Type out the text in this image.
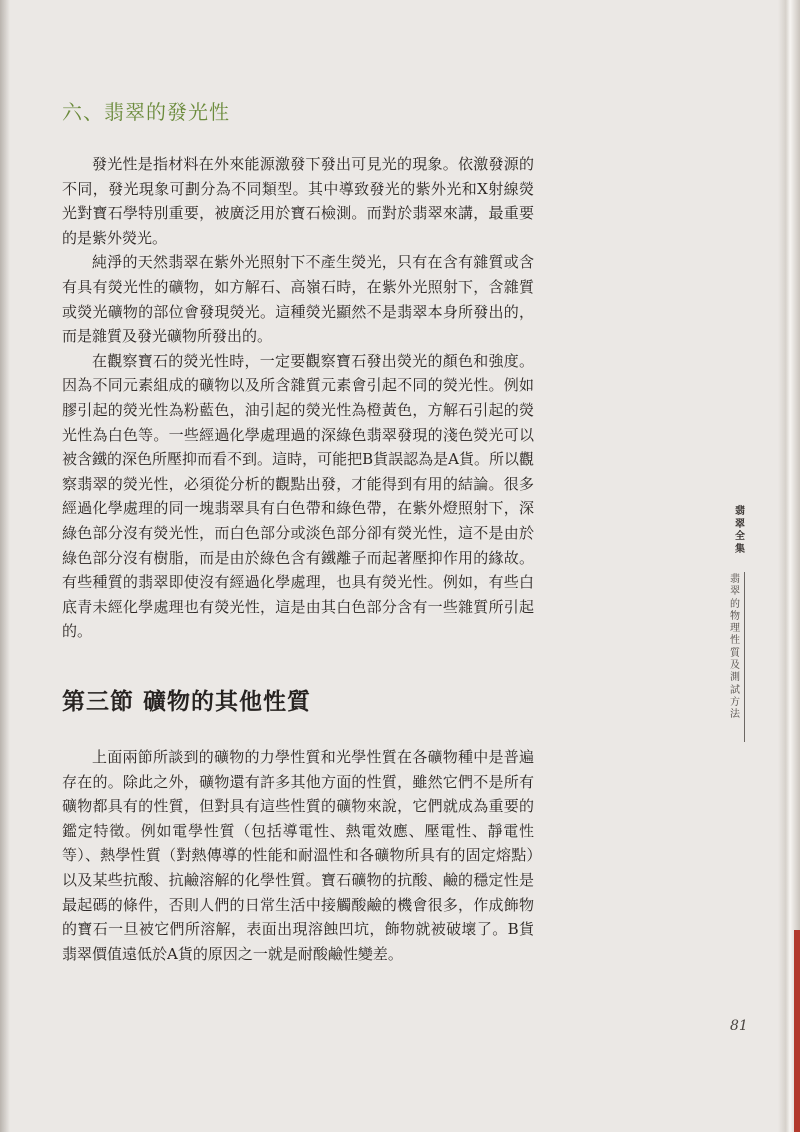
六、翡翠的發光性

發光性是指材料在外來能源激發下發出可見光的現象。依激發源的不同，發光現象可劃分為不同類型。其中導致發光的紫外光和X射線熒光對寶石學特別重要，被廣泛用於寶石檢測。而對於翡翠來講，最重要的是紫外熒光。

純淨的天然翡翠在紫外光照射下不產生熒光，只有在含有雜質或含有具有熒光性的礦物，如方解石、高嶺石時，在紫外光照射下，含雜質或熒光礦物的部位會發現熒光。這種熒光顯然不是翡翠本身所發出的，而是雜質及發光礦物所發出的。

在觀察寶石的熒光性時，一定要觀察寶石發出熒光的顏色和強度。因為不同元素組成的礦物以及所含雜質元素會引起不同的熒光性。例如膠引起的熒光性為粉藍色，油引起的熒光性為橙黃色，方解石引起的熒光性為白色等。一些經過化學處理過的深綠色翡翠發現的淺色熒光可以被含鐵的深色所壓抑而看不到。這時，可能把B貨誤認為是A貨。所以觀察翡翠的熒光性，必須從分析的觀點出發，才能得到有用的結論。很多經過化學處理的同一塊翡翠具有白色帶和綠色帶，在紫外燈照射下，深綠色部分沒有熒光性，而白色部分或淡色部分卻有熒光性，這不是由於綠色部分沒有樹脂，而是由於綠色含有鐵離子而起著壓抑作用的緣故。有些種質的翡翠即使沒有經過化學處理，也具有熒光性。例如，有些白底青未經化學處理也有熒光性，這是由其白色部分含有一些雜質所引起的。

第三節 礦物的其他性質

上面兩節所談到的礦物的力學性質和光學性質在各礦物種中是普遍存在的。除此之外，礦物還有許多其他方面的性質，雖然它們不是所有礦物都具有的性質，但對具有這些性質的礦物來說，它們就成為重要的鑑定特徵。例如電學性質（包括導電性、熱電效應、壓電性、靜電性等）、熱學性質（對熱傳導的性能和耐溫性和各礦物所具有的固定熔點）以及某些抗酸、抗鹼溶解的化學性質。寶石礦物的抗酸、鹼的穩定性是最起碼的條件，否則人們的日常生活中接觸酸鹼的機會很多，作成飾物的寶石一旦被它們所溶解，表面出現溶蝕凹坑，飾物就被破壞了。B貨翡翠價值遠低於A貨的原因之一就是耐酸鹼性變差。

翡
翠
全
集
翡
翠
的
物
理
性
質
及
測
試
方
法
81
